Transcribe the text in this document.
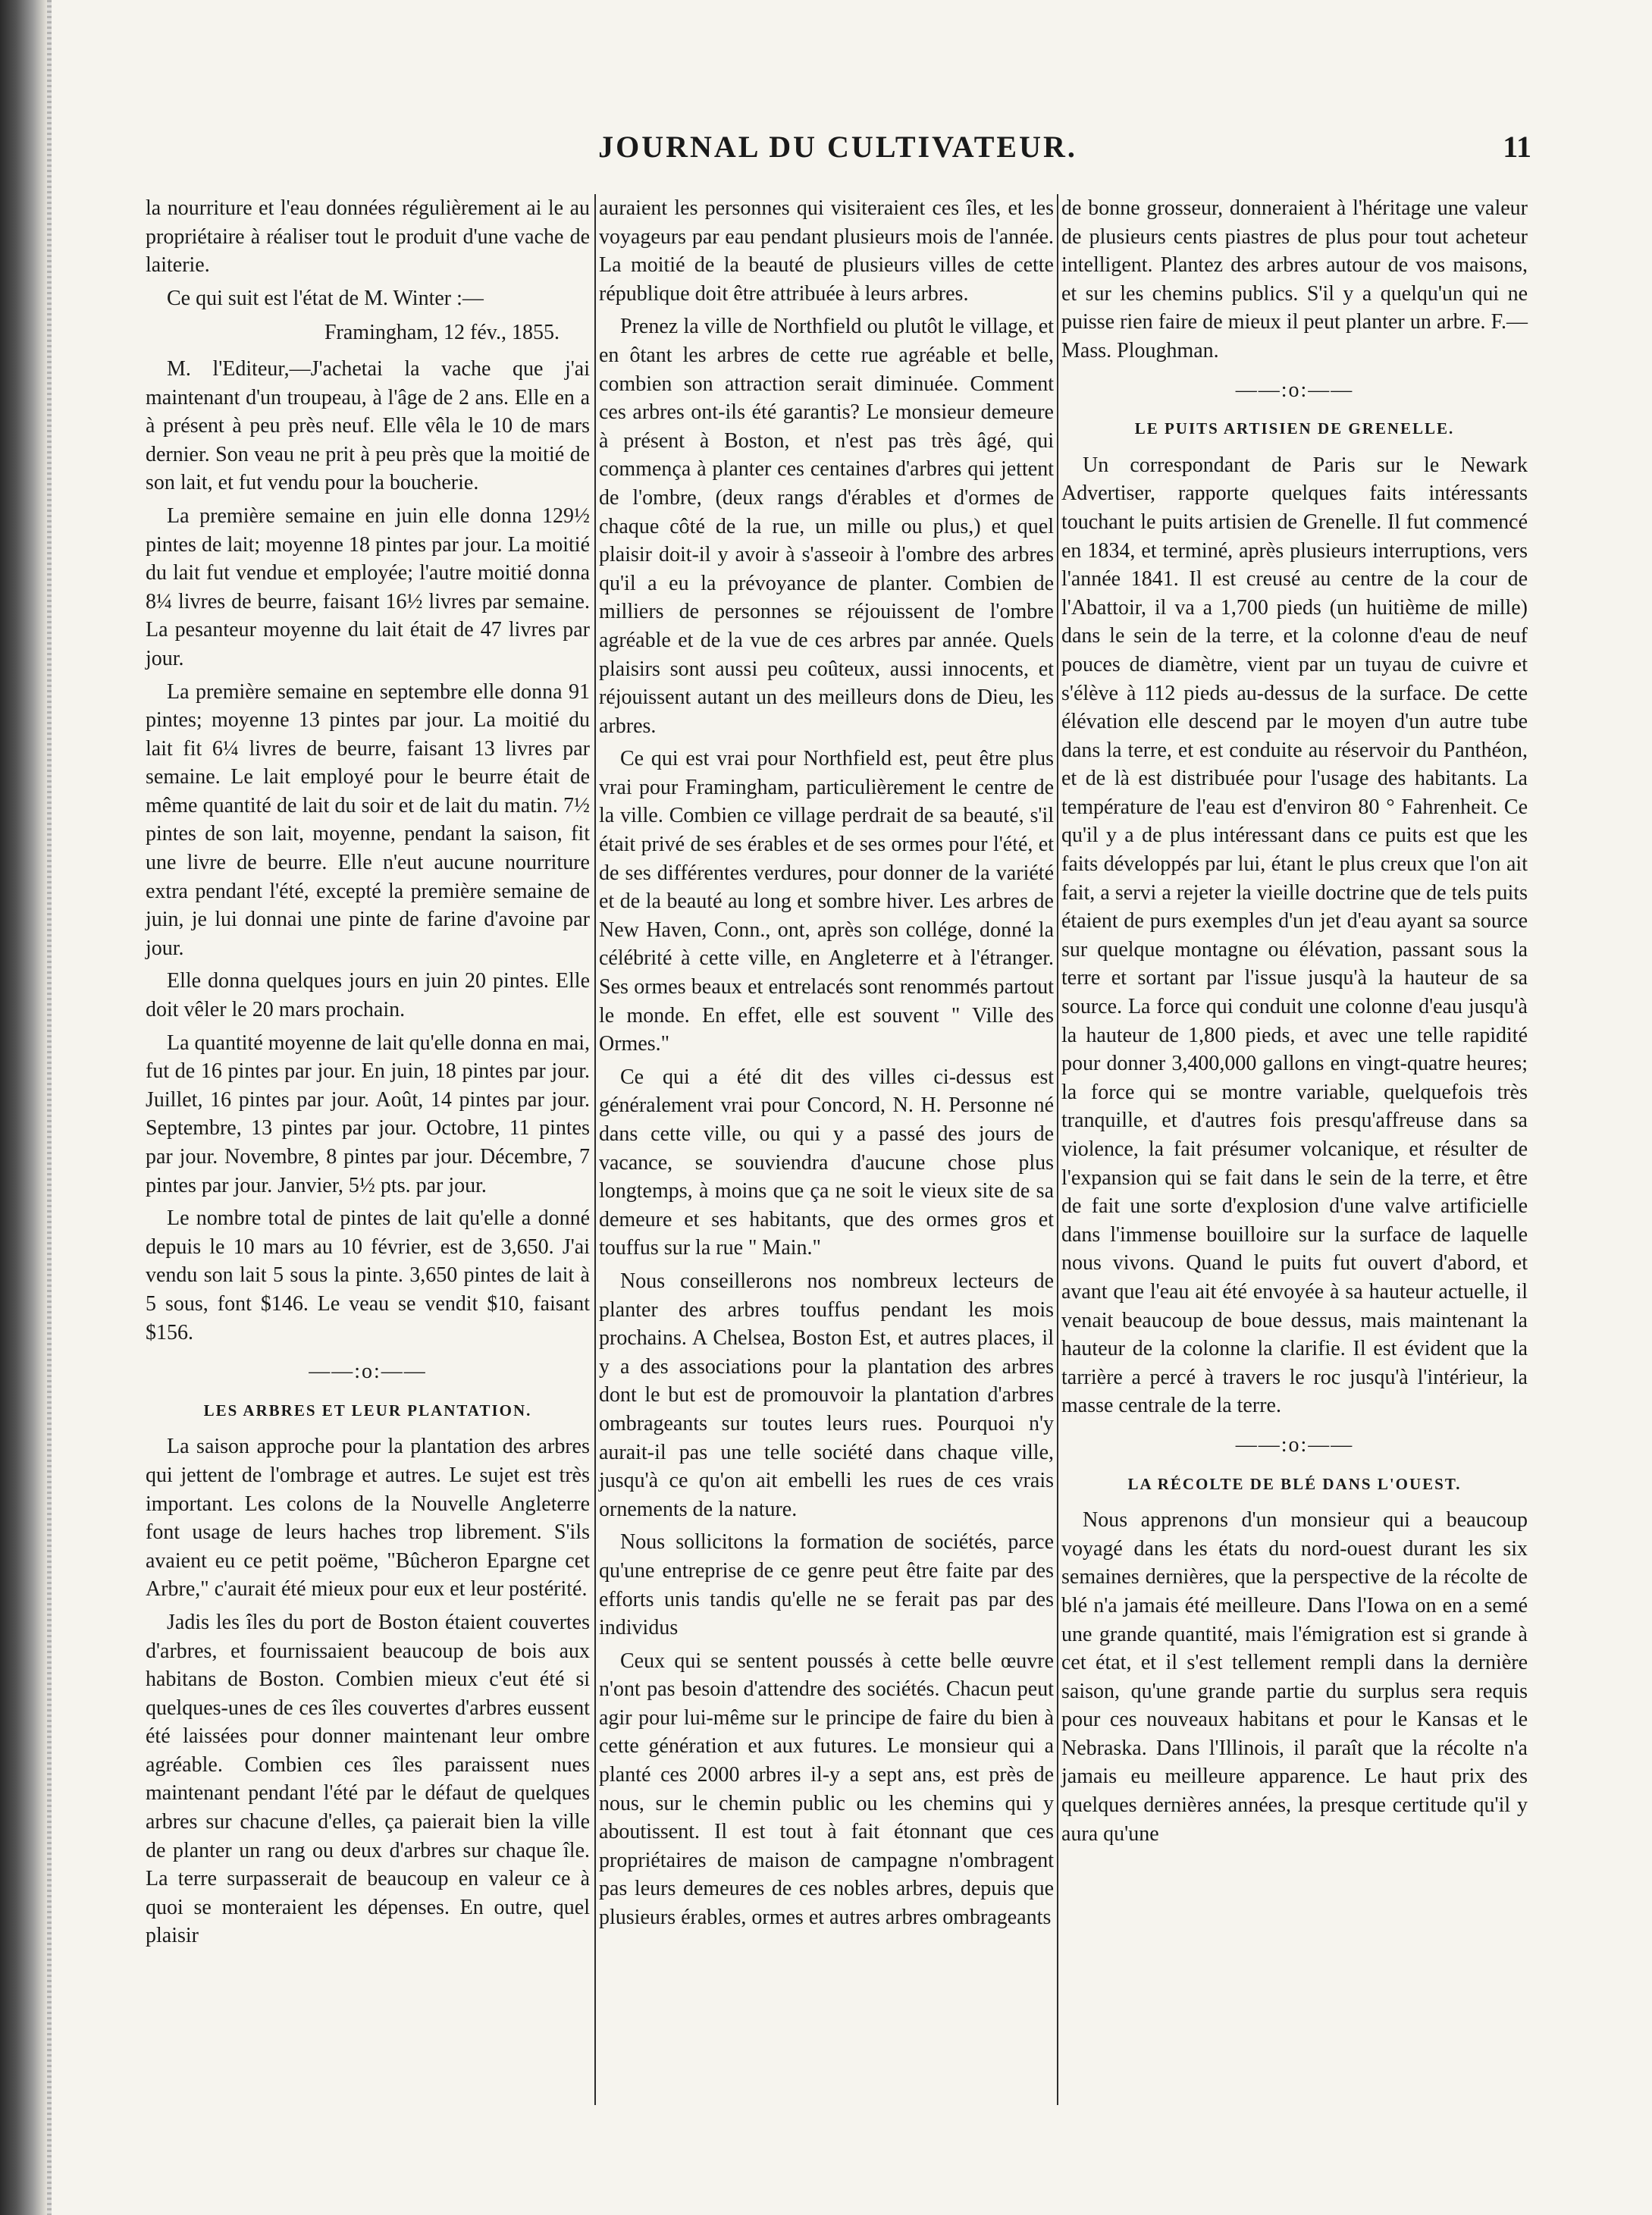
JOURNAL DU CULTIVATEUR.	11

la nourriture et l'eau données régulièrement ai le au propriétaire à réaliser tout le produit d'une vache de laiterie.

Ce qui suit est l'état de M. Winter :—

Framingham, 12 fév., 1855.

M. l'Editeur,—J'achetai la vache que j'ai maintenant d'un troupeau, à l'âge de 2 ans. Elle en a à présent à peu près neuf. Elle vêla le 10 de mars dernier. Son veau ne prit à peu près que la moitié de son lait, et fut vendu pour la boucherie.

La première semaine en juin elle donna 129½ pintes de lait; moyenne 18 pintes par jour. La moitié du lait fut vendue et employée; l'autre moitié donna 8¼ livres de beurre, faisant 16½ livres par semaine. La pesanteur moyenne du lait était de 47 livres par jour.

La première semaine en septembre elle donna 91 pintes; moyenne 13 pintes par jour. La moitié du lait fit 6¼ livres de beurre, faisant 13 livres par semaine. Le lait employé pour le beurre était de même quantité de lait du soir et de lait du matin. 7½ pintes de son lait, moyenne, pendant la saison, fit une livre de beurre. Elle n'eut aucune nourriture extra pendant l'été, excepté la première semaine de juin, je lui donnai une pinte de farine d'avoine par jour.

Elle donna quelques jours en juin 20 pintes. Elle doit vêler le 20 mars prochain.

La quantité moyenne de lait qu'elle donna en mai, fut de 16 pintes par jour. En juin, 18 pintes par jour. Juillet, 16 pintes par jour. Août, 14 pintes par jour. Septembre, 13 pintes par jour. Octobre, 11 pintes par jour. Novembre, 8 pintes par jour. Décembre, 7 pintes par jour. Janvier, 5½ pts. par jour.

Le nombre total de pintes de lait qu'elle a donné depuis le 10 mars au 10 février, est de 3,650. J'ai vendu son lait 5 sous la pinte. 3,650 pintes de lait à 5 sous, font $146. Le veau se vendit $10, faisant $156.

——:o:——
LES ARBRES ET LEUR PLANTATION.

La saison approche pour la plantation des arbres qui jettent de l'ombrage et autres. Le sujet est très important. Les colons de la Nouvelle Angleterre font usage de leurs haches trop librement. S'ils avaient eu ce petit poëme, "Bûcheron Epargne cet Arbre," c'aurait été mieux pour eux et leur postérité.

Jadis les îles du port de Boston étaient couvertes d'arbres, et fournissaient beaucoup de bois aux habitans de Boston. Combien mieux c'eut été si quelques-unes de ces îles couvertes d'arbres eussent été laissées pour donner maintenant leur ombre agréable. Combien ces îles paraissent nues maintenant pendant l'été par le défaut de quelques arbres sur chacune d'elles, ça paierait bien la ville de planter un rang ou deux d'arbres sur chaque île. La terre surpasserait de beaucoup en valeur ce à quoi se monteraient les dépenses. En outre, quel plaisir

auraient les personnes qui visiteraient ces îles, et les voyageurs par eau pendant plusieurs mois de l'année. La moitié de la beauté de plusieurs villes de cette république doit être attribuée à leurs arbres.

Prenez la ville de Northfield ou plutôt le village, et en ôtant les arbres de cette rue agréable et belle, combien son attraction serait diminuée. Comment ces arbres ont-ils été garantis? Le monsieur demeure à présent à Boston, et n'est pas très âgé, qui commença à planter ces centaines d'arbres qui jettent de l'ombre, (deux rangs d'érables et d'ormes de chaque côté de la rue, un mille ou plus,) et quel plaisir doit-il y avoir à s'asseoir à l'ombre des arbres qu'il a eu la prévoyance de planter. Combien de milliers de personnes se réjouissent de l'ombre agréable et de la vue de ces arbres par année. Quels plaisirs sont aussi peu coûteux, aussi innocents, et réjouissent autant un des meilleurs dons de Dieu, les arbres.

Ce qui est vrai pour Northfield est, peut être plus vrai pour Framingham, particulièrement le centre de la ville. Combien ce village perdrait de sa beauté, s'il était privé de ses érables et de ses ormes pour l'été, et de ses différentes verdures, pour donner de la variété et de la beauté au long et sombre hiver. Les arbres de New Haven, Conn., ont, après son collége, donné la célébrité à cette ville, en Angleterre et à l'étranger. Ses ormes beaux et entrelacés sont renommés partout le monde. En effet, elle est souvent " Ville des Ormes."

Ce qui a été dit des villes ci-dessus est généralement vrai pour Concord, N. H. Personne né dans cette ville, ou qui y a passé des jours de vacance, se souviendra d'aucune chose plus longtemps, à moins que ça ne soit le vieux site de sa demeure et ses habitants, que des ormes gros et touffus sur la rue " Main."

Nous conseillerons nos nombreux lecteurs de planter des arbres touffus pendant les mois prochains. A Chelsea, Boston Est, et autres places, il y a des associations pour la plantation des arbres dont le but est de promouvoir la plantation d'arbres ombrageants sur toutes leurs rues. Pourquoi n'y aurait-il pas une telle société dans chaque ville, jusqu'à ce qu'on ait embelli les rues de ces vrais ornements de la nature.

Nous sollicitons la formation de sociétés, parce qu'une entreprise de ce genre peut être faite par des efforts unis tandis qu'elle ne se ferait pas par des individus

Ceux qui se sentent poussés à cette belle œuvre n'ont pas besoin d'attendre des sociétés. Chacun peut agir pour lui-même sur le principe de faire du bien à cette génération et aux futures. Le monsieur qui a planté ces 2000 arbres il-y a sept ans, est près de nous, sur le chemin public ou les chemins qui y aboutissent. Il est tout à fait étonnant que ces propriétaires de maison de campagne n'ombragent pas leurs demeures de ces nobles arbres, depuis que plusieurs érables, ormes et autres arbres ombrageants

de bonne grosseur, donneraient à l'héritage une valeur de plusieurs cents piastres de plus pour tout acheteur intelligent. Plantez des arbres autour de vos maisons, et sur les chemins publics. S'il y a quelqu'un qui ne puisse rien faire de mieux il peut planter un arbre. F.—Mass. Ploughman.

——:o:——
LE PUITS ARTISIEN DE GRENELLE.

Un correspondant de Paris sur le Newark Advertiser, rapporte quelques faits intéressants touchant le puits artisien de Grenelle. Il fut commencé en 1834, et terminé, après plusieurs interruptions, vers l'année 1841. Il est creusé au centre de la cour de l'Abattoir, il va a 1,700 pieds (un huitième de mille) dans le sein de la terre, et la colonne d'eau de neuf pouces de diamètre, vient par un tuyau de cuivre et s'élève à 112 pieds au-dessus de la surface. De cette élévation elle descend par le moyen d'un autre tube dans la terre, et est conduite au réservoir du Panthéon, et de là est distribuée pour l'usage des habitants. La température de l'eau est d'environ 80 ° Fahrenheit. Ce qu'il y a de plus intéressant dans ce puits est que les faits développés par lui, étant le plus creux que l'on ait fait, a servi a rejeter la vieille doctrine que de tels puits étaient de purs exemples d'un jet d'eau ayant sa source sur quelque montagne ou élévation, passant sous la terre et sortant par l'issue jusqu'à la hauteur de sa source. La force qui conduit une colonne d'eau jusqu'à la hauteur de 1,800 pieds, et avec une telle rapidité pour donner 3,400,000 gallons en vingt-quatre heures; la force qui se montre variable, quelquefois très tranquille, et d'autres fois presqu'affreuse dans sa violence, la fait présumer volcanique, et résulter de l'expansion qui se fait dans le sein de la terre, et être de fait une sorte d'explosion d'une valve artificielle dans l'immense bouilloire sur la surface de laquelle nous vivons. Quand le puits fut ouvert d'abord, et avant que l'eau ait été envoyée à sa hauteur actuelle, il venait beaucoup de boue dessus, mais maintenant la hauteur de la colonne la clarifie. Il est évident que la tarrière a percé à travers le roc jusqu'à l'intérieur, la masse centrale de la terre.

——:o:——
LA RÉCOLTE DE BLÉ DANS L'OUEST.

Nous apprenons d'un monsieur qui a beaucoup voyagé dans les états du nord-ouest durant les six semaines dernières, que la perspective de la récolte de blé n'a jamais été meilleure. Dans l'Iowa on en a semé une grande quantité, mais l'émigration est si grande à cet état, et il s'est tellement rempli dans la dernière saison, qu'une grande partie du surplus sera requis pour ces nouveaux habitans et pour le Kansas et le Nebraska. Dans l'Illinois, il paraît que la récolte n'a jamais eu meilleure apparence. Le haut prix des quelques dernières années, la presque certitude qu'il y aura qu'une
